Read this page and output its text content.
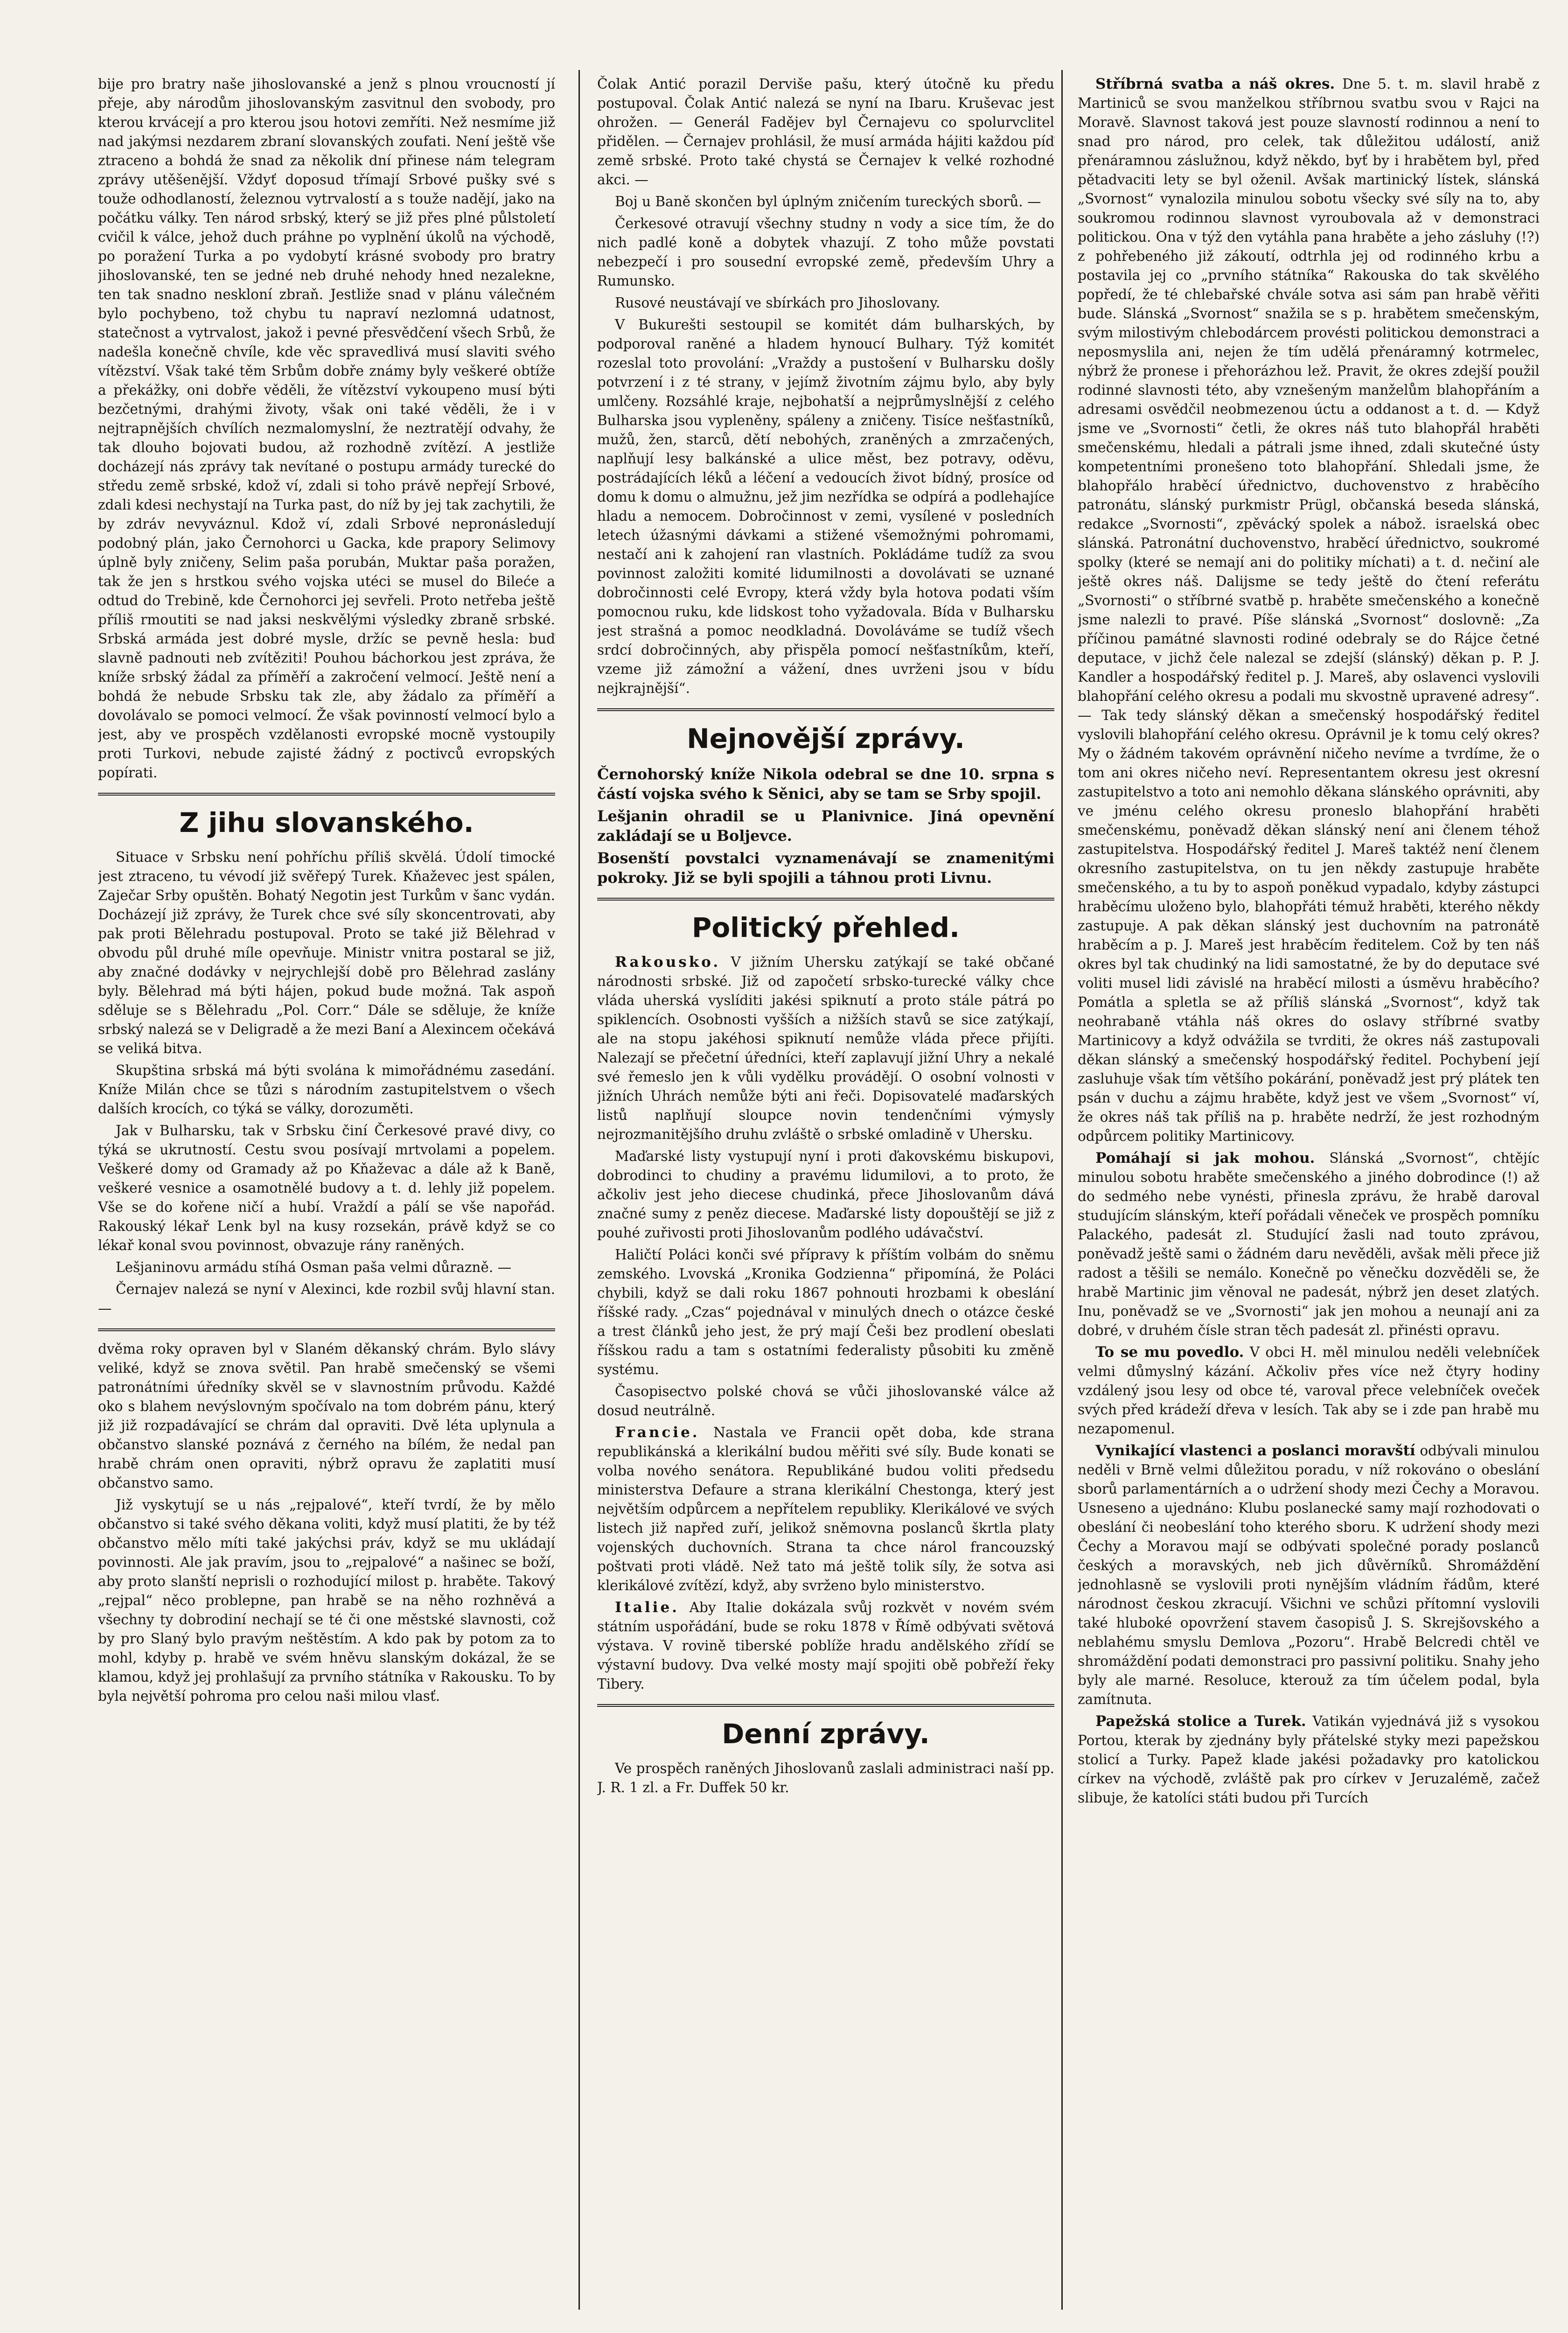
bije pro bratry naše jihoslovanské a jenž s plnou vroucností jí přeje, aby národům jihoslovanským zasvitnul den svobody, pro kterou krvácejí a pro kterou jsou hotovi zemříti. Než nesmíme již nad jakýmsi nezdarem zbraní slovanských zoufati. Není ještě vše ztraceno a bohdá že snad za několik dní přinese nám telegram zprávy utěšenější. Vždyť doposud třímají Srbové pušky své s touže odhodlaností, železnou vytrvalostí a s touže nadějí, jako na počátku války. Ten národ srbský, který se již přes plné půlstoletí cvičil k válce, jehož duch práhne po vyplnění úkolů na východě, po poražení Turka a po vydobytí krásné svobody pro bratry jihoslovanské, ten se jedné neb druhé nehody hned nezalekne, ten tak snadno neskloní zbraň. Jestliže snad v plánu válečném bylo pochybeno, tož chybu tu napraví nezlomná udatnost, statečnost a vytrvalost, jakož i pevné přesvědčení všech Srbů, že nadešla konečně chvíle, kde věc spravedlivá musí slaviti svého vítězství. Však také těm Srbům dobře známy byly veškeré obtíže a překážky, oni dobře věděli, že vítězství vykoupeno musí býti bezčetnými, drahými životy, však oni také věděli, že i v nejtrapnějších chvílích nezmalomyslní, že neztratějí odvahy, že tak dlouho bojovati budou, až rozhodně zvítězí. A jestliže docházejí nás zprávy tak nevítané o postupu armády turecké do středu země srbské, kdož ví, zdali si toho právě nepřejí Srbové, zdali kdesi nechystají na Turka past, do níž by jej tak zachytili, že by zdráv nevyváznul. Kdož ví, zdali Srbové nepronásledují podobný plán, jako Černohorci u Gacka, kde prapory Selimovy úplně byly zničeny, Selim paša porubán, Muktar paša poražen, tak že jen s hrstkou svého vojska utéci se musel do Bileće a odtud do Trebině, kde Černohorci jej sevřeli. Proto netřeba ještě příliš rmoutiti se nad jaksi neskvělými výsledky zbraně srbské. Srbská armáda jest dobré mysle, držíc se pevně hesla: buď slavně padnouti neb zvítěziti! Pouhou báchorkou jest zpráva, že kníže srbský žádal za příměří a zakročení velmocí. Ještě není a bohdá že nebude Srbsku tak zle, aby žádalo za příměří a dovolávalo se pomoci velmocí. Že však povinností velmocí bylo a jest, aby ve prospěch vzdělanosti evropské mocně vystoupily proti Turkovi, nebude zajisté žádný z poctivců evropských popírati.

Z jihu slovanského.

Situace v Srbsku není pohříchu příliš skvělá. Údolí timocké jest ztraceno, tu vévodí již svěřepý Turek. Kňaževec jest spálen, Zaječar Srby opuštěn. Bohatý Negotin jest Turkům v šanc vydán. Docházejí již zprávy, že Turek chce své síly skoncentrovati, aby pak proti Bělehradu postupoval. Proto se také již Bělehrad v obvodu půl druhé míle opevňuje. Ministr vnitra postaral se již, aby značné dodávky v nejrychlejší době pro Bělehrad zaslány byly. Bělehrad má býti hájen, pokud bude možná. Tak aspoň sděluje se s Bělehradu „Pol. Corr.“ Dále se sděluje, že kníže srbský nalezá se v Deligradě a že mezi Baní a Alexincem očekává se veliká bitva.

Skupština srbská má býti svolána k mimořádnému zasedání. Kníže Milán chce se tůzi s národním zastupitelstvem o všech dalších krocích, co týká se války, dorozuměti.

Jak v Bulharsku, tak v Srbsku činí Čerkesové pravé divy, co týká se ukrutností. Cestu svou posívají mrtvolami a popelem. Veškeré domy od Gramady až po Kňaževac a dále až k Baně, veškeré vesnice a osamotnělé budovy a t. d. lehly již popelem. Vše se do kořene ničí a hubí. Vraždí a pálí se vše napořád. Rakouský lékař Lenk byl na kusy rozsekán, právě když se co lékař konal svou povinnost, obvazuje rány raněných.

Lešjaninovu armádu stíhá Osman paša velmi důrazně. —

Černajev nalezá se nyní v Alexinci, kde rozbil svůj hlavní stan. —

dvěma roky opraven byl v Slaném děkanský chrám. Bylo slávy veliké, když se znova světil. Pan hrabě smečenský se všemi patronátními úředníky skvěl se v slavnostním průvodu. Každé oko s blahem nevýslovným spočívalo na tom dobrém pánu, který již již rozpadávající se chrám dal opraviti. Dvě léta uplynula a občanstvo slanské poznává z černého na bílém, že nedal pan hrabě chrám onen opraviti, nýbrž opravu že zaplatiti musí občanstvo samo.

Již vyskytují se u nás „rejpalové“, kteří tvrdí, že by mělo občanstvo si také svého děkana voliti, když musí platiti, že by též občanstvo mělo míti také jakýchsi práv, když se mu ukládají povinnosti. Ale jak pravím, jsou to „rejpalové“ a našinec se boží, aby proto slanští neprisli o rozhodující milost p. hraběte. Takový „rejpal“ něco problepne, pan hrabě se na něho rozhněvá a všechny ty dobrodiní nechají se té či one městské slavnosti, což by pro Slaný bylo pravým neštěstím. A kdo pak by potom za to mohl, kdyby p. hrabě ve svém hněvu slanským dokázal, že se klamou, když jej prohlašují za prvního státníka v Rakousku. To by byla největší pohroma pro celou naši milou vlasť.

Čolak Antić porazil Derviše pašu, který útočně ku předu postupoval. Čolak Antić nalezá se nyní na Ibaru. Kruševac jest ohrožen. — Generál Fadějev byl Černajevu co spolurvclitel přidělen. — Černajev prohlásil, že musí armáda hájiti každou píď země srbské. Proto také chystá se Černajev k velké rozhodné akci. —

Boj u Baně skončen byl úplným zničením tureckých sborů. —

Čerkesové otravují všechny studny n vody a sice tím, že do nich padlé koně a dobytek vhazují. Z toho může povstati nebezpečí i pro sousední evropské země, především Uhry a Rumunsko.

Rusové neustávají ve sbírkách pro Jihoslovany.

V Bukurešti sestoupil se komitét dám bulharských, by podporoval raněné a hladem hynoucí Bulhary. Týž komitét rozeslal toto provolání: „Vraždy a pustošení v Bulharsku došly potvrzení i z té strany, v jejímž životním zájmu bylo, aby byly umlčeny. Rozsáhlé kraje, nejbohatší a nejprůmyslnější z celého Bulharska jsou vypleněny, spáleny a zničeny. Tisíce nešťastníků, mužů, žen, starců, dětí nebohých, zraněných a zmrzačených, naplňují lesy balkánské a ulice měst, bez potravy, oděvu, postrádajících léků a léčení a vedoucích život bídný, prosíce od domu k domu o almužnu, jež jim nezřídka se odpírá a podlehajíce hladu a nemocem. Dobročinnost v zemi, vysílené v posledních letech úžasnými dávkami a stižené všemožnými pohromami, nestačí ani k zahojení ran vlastních. Pokládáme tudíž za svou povinnost založiti komité lidumilnosti a dovolávati se uznané dobročinnosti celé Evropy, která vždy byla hotova podati vším pomocnou ruku, kde lidskost toho vyžadovala. Bída v Bulharsku jest strašná a pomoc neodkladná. Dovoláváme se tudíž všech srdcí dobročinných, aby přispěla pomocí nešťastníkům, kteří, vzeme již zámožní a vážení, dnes uvrženi jsou v bídu nejkrajnější“.

Nejnovější zprávy.

Černohorský kníže Nikola odebral se dne 10. srpna s částí vojska svého k Sěnici, aby se tam se Srby spojil.

Lešjanin ohradil se u Planivnice. Jiná opevnění zakládají se u Boljevce.

Bosenští povstalci vyznamenávají se znamenitými pokroky. Již se byli spojili a táhnou proti Livnu.

Politický přehled.

Rakousko. V jižním Uhersku zatýkají se také občané národnosti srbské. Již od započetí srbsko-turecké války chce vláda uherská vyslíditi jakési spiknutí a proto stále pátrá po spiklencích. Osobnosti vyšších a nižších stavů se sice zatýkají, ale na stopu jakéhosi spiknutí nemůže vláda přece přijíti. Nalezají se přečetní úředníci, kteří zaplavují jižní Uhry a nekalé své řemeslo jen k vůli vydělku provádějí. O osobní volnosti v jižních Uhrách nemůže býti ani řeči. Dopisovatelé maďarských listů naplňují sloupce novin tendenčními výmysly nejrozmanitějšího druhu zvláště o srbské omladině v Uhersku.

Maďarské listy vystupují nyní i proti ďakovskému biskupovi, dobrodinci to chudiny a pravému lidumilovi, a to proto, že ačkoliv jest jeho diecese chudinká, přece Jihoslovanům dává značné sumy z peněz diecese. Maďarské listy dopouštějí se již z pouhé zuřivosti proti Jihoslovanům podlého udávačství.

Haličtí Poláci konči své přípravy k příštím volbám do sněmu zemského. Lvovská „Kronika Godzienna“ připomíná, že Poláci chybili, když se dali roku 1867 pohnouti hrozbami k obeslání říšské rady. „Czas“ pojednával v minulých dnech o otázce české a trest článků jeho jest, že prý mají Češi bez prodlení obeslati říšskou radu a tam s ostatními federalisty působiti ku změně systému.

Časopisectvo polské chová se vůči jihoslovanské válce až dosud neutrálně.

Francie. Nastala ve Francii opět doba, kde strana republikánská a klerikální budou měřiti své síly. Bude konati se volba nového senátora. Republikáné budou voliti předsedu ministerstva Defaure a strana klerikální Chestonga, který jest největším odpůrcem a nepřítelem republiky. Klerikálové ve svých listech již napřed zuří, jelikož sněmovna poslanců škrtla platy vojenských duchovních. Strana ta chce nárol francouzský poštvati proti vládě. Než tato má ještě tolik síly, že sotva asi klerikálové zvítězí, když, aby svrženo bylo ministerstvo.

Italie. Aby Italie dokázala svůj rozkvět v novém svém státním uspořádání, bude se roku 1878 v Římě odbývati světová výstava. V rovině tiberské poblíže hradu andělského zřídí se výstavní budovy. Dva velké mosty mají spojiti obě pobřeží řeky Tibery.

Denní zprávy.

Ve prospěch raněných Jihoslovanů zaslali administraci naší pp. J. R. 1 zl. a Fr. Duffek 50 kr.

Stříbrná svatba a náš okres. Dne 5. t. m. slavil hrabě z Martiniců se svou manželkou stříbrnou svatbu svou v Rajci na Moravě. Slavnost taková jest pouze slavností rodinnou a není to snad pro národ, pro celek, tak důležitou událostí, aniž přenáramnou záslužnou, když někdo, byť by i hrabětem byl, před pětadvaciti lety se byl oženil. Avšak martinický lístek, slánská „Svornost“ vynalozila minulou sobotu všecky své síly na to, aby soukromou rodinnou slavnost vyroubovala až v demonstraci politickou. Ona v týž den vytáhla pana hraběte a jeho zásluhy (!?) z pohřebeného již zákoutí, odtrhla jej od rodinného krbu a postavila jej co „prvního státníka“ Rakouska do tak skvělého popředí, že té chlebařské chvále sotva asi sám pan hrabě věřiti bude. Slánská „Svornost“ snažila se s p. hrabětem smečenským, svým milostivým chlebodárcem provésti politickou demonstraci a neposmyslila ani, nejen že tím udělá přenáramný kotrmelec, nýbrž že pronese i přehorázhou lež. Pravit, že okres zdejší použil rodinné slavnosti této, aby vznešeným manželům blahopřáním a adresami osvědčil neobmezenou úctu a oddanost a t. d. — Když jsme ve „Svornosti“ četli, že okres náš tuto blahopřál hraběti smečenskému, hledali a pátrali jsme ihned, zdali skutečné ústy kompetentními pronešeno toto blahopřání. Shledali jsme, že blahopřálo hraběcí úřednictvo, duchovenstvo z hraběcího patronátu, slánský purkmistr Prügl, občanská beseda slánská, redakce „Svornosti“, zpěvácký spolek a nábož. israelská obec slánská. Patronátní duchovenstvo, hraběcí úřednictvo, soukromé spolky (které se nemají ani do politiky míchati) a t. d. nečiní ale ještě okres náš. Dalijsme se tedy ještě do čtení referátu „Svornosti“ o stříbrné svatbě p. hraběte smečenského a konečně jsme nalezli to pravé. Píše slánská „Svornost“ doslovně: „Za příčinou památné slavnosti rodiné odebraly se do Rájce četné deputace, v jichž čele nalezal se zdejší (slánský) děkan p. P. J. Kandler a hospodářský ředitel p. J. Mareš, aby oslavenci vyslovili blahopřání celého okresu a podali mu skvostně upravené adresy“. — Tak tedy slánský děkan a smečenský hospodářský ředitel vyslovili blahopřání celého okresu. Oprávnil je k tomu celý okres? My o žádném takovém oprávnění ničeho nevíme a tvrdíme, že o tom ani okres ničeho neví. Representantem okresu jest okresní zastupitelstvo a toto ani nemohlo děkana slánského oprávniti, aby ve jménu celého okresu proneslo blahopřání hraběti smečenskému, poněvadž děkan slánský není ani členem téhož zastupitelstva. Hospodářský ředitel J. Mareš taktéž není členem okresního zastupitelstva, on tu jen někdy zastupuje hraběte smečenského, a tu by to aspoň poněkud vypadalo, kdyby zástupci hraběcímu uloženo bylo, blahopřáti témuž hraběti, kterého někdy zastupuje. A pak děkan slánský jest duchovním na patronátě hraběcím a p. J. Mareš jest hraběcím ředitelem. Což by ten náš okres byl tak chudinký na lidi samostatné, že by do deputace své voliti musel lidi závislé na hraběcí milosti a úsměvu hraběcího? Pomátla a spletla se až příliš slánská „Svornost“, když tak neohrabaně vtáhla náš okres do oslavy stříbrné svatby Martinicovy a když odvážila se tvrditi, že okres náš zastupovali děkan slánský a smečenský hospodářský ředitel. Pochybení její zasluhuje však tím většího pokárání, poněvadž jest prý plátek ten psán v duchu a zájmu hraběte, když jest ve všem „Svornost“ ví, že okres náš tak příliš na p. hraběte nedrží, že jest rozhodným odpůrcem politiky Martinicovy.

Pomáhají si jak mohou. Slánská „Svornost“, chtějíc minulou sobotu hraběte smečenského a jiného dobrodince (!) až do sedmého nebe vynésti, přinesla zprávu, že hrabě daroval studujícím slánským, kteří pořádali věneček ve prospěch pomníku Palackého, padesát zl. Studující žasli nad touto zprávou, poněvadž ještě sami o žádném daru nevěděli, avšak měli přece již radost a těšili se nemálo. Konečně po věnečku dozvěděli se, že hrabě Martinic jim věnoval ne padesát, nýbrž jen deset zlatých. Inu, poněvadž se ve „Svornosti“ jak jen mohou a neunají ani za dobré, v druhém čísle stran těch padesát zl. přinésti opravu.

To se mu povedlo. V obci H. měl minulou neděli velebníček velmi důmyslný kázání. Ačkoliv přes více než čtyry hodiny vzdálený jsou lesy od obce té, varoval přece velebníček oveček svých před krádeží dřeva v lesích. Tak aby se i zde pan hrabě mu nezapomenul.

Vynikající vlastenci a poslanci moravští odbývali minulou neděli v Brně velmi důležitou poradu, v níž rokováno o obeslání sborů parlamentárních a o udržení shody mezi Čechy a Moravou. Usneseno a ujednáno: Klubu poslanecké samy mají rozhodovati o obeslání či neobeslání toho kterého sboru. K udržení shody mezi Čechy a Moravou mají se odbývati společné porady poslanců českých a moravských, neb jich důvěrníků. Shromáždění jednohlasně se vyslovili proti nynějším vládním řádům, které národnost českou zkracují. Všichni ve schůzi přítomní vyslovili také hluboké opovržení stavem časopisů J. S. Skrejšovského a neblahému smyslu Demlova „Pozoru“. Hrabě Belcredi chtěl ve shromáždění podati demonstraci pro passivní politiku. Snahy jeho byly ale marné. Resoluce, kterouž za tím účelem podal, byla zamítnuta.

Papežská stolice a Turek. Vatikán vyjednává již s vysokou Portou, kterak by zjednány byly přátelské styky mezi papežskou stolicí a Turky. Papež klade jakési požadavky pro katolickou církev na východě, zvláště pak pro církev v Jeruzalémě, začež slibuje, že katolíci státi budou při Turcích
